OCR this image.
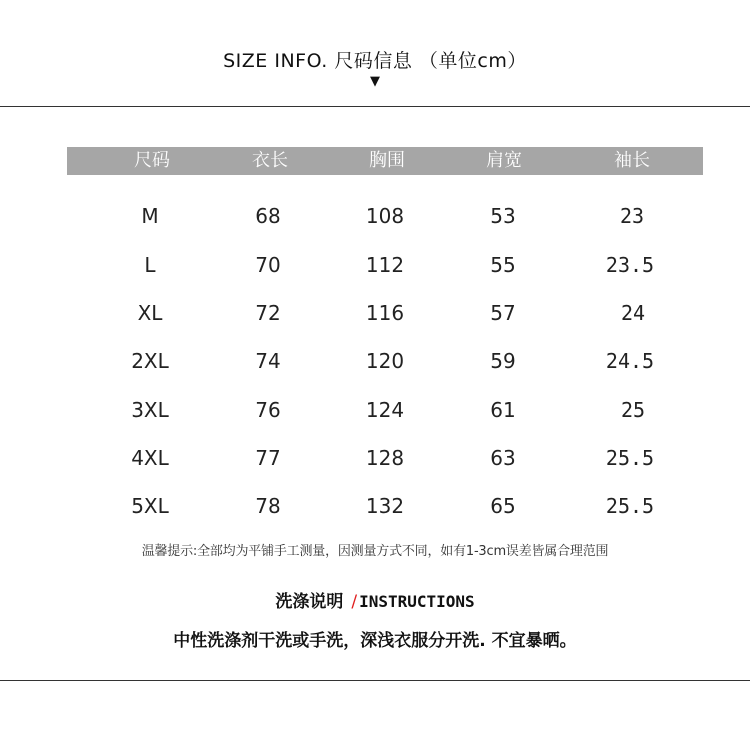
SIZE INFO. 尺码信息 （单位cm）
▼
尺码	衣长	胸围	肩宽	袖长
M	68	108	53	23
L	70	112	55	23.5
XL	72	116	57	24
2XL	74	120	59	24.5
3XL	76	124	61	25
4XL	77	128	63	25.5
5XL	78	132	65	25.5
温馨提示:全部均为平铺手工测量，因测量方式不同，如有1-3cm误差皆属合理范围
洗涤说明 / INSTRUCTIONS
中性洗涤剂干洗或手洗，深浅衣服分开洗. 不宜暴晒。
